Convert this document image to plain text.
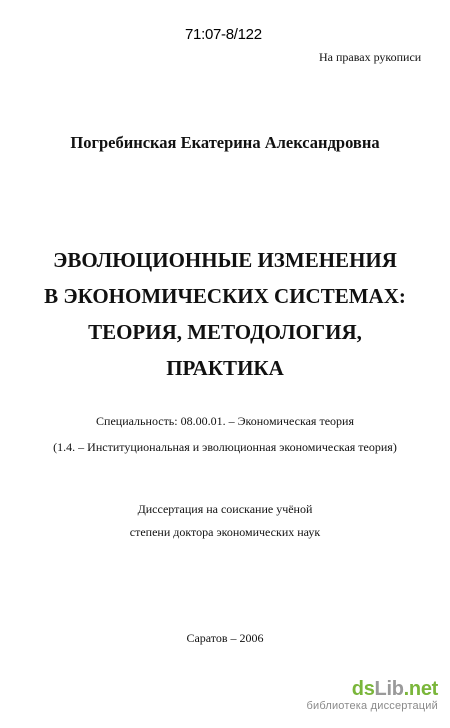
71:07-8/122
На правах рукописи
Погребинская Екатерина Александровна
ЭВОЛЮЦИОННЫЕ ИЗМЕНЕНИЯ
В ЭКОНОМИЧЕСКИХ СИСТЕМАХ:
ТЕОРИЯ, МЕТОДОЛОГИЯ,
ПРАКТИКА
Специальность: 08.00.01. – Экономическая теория
(1.4. – Институциональная и эволюционная экономическая теория)
Диссертация на соискание учёной
степени доктора экономических наук
Саратов – 2006
dsLib.net
библиотека диссертаций
